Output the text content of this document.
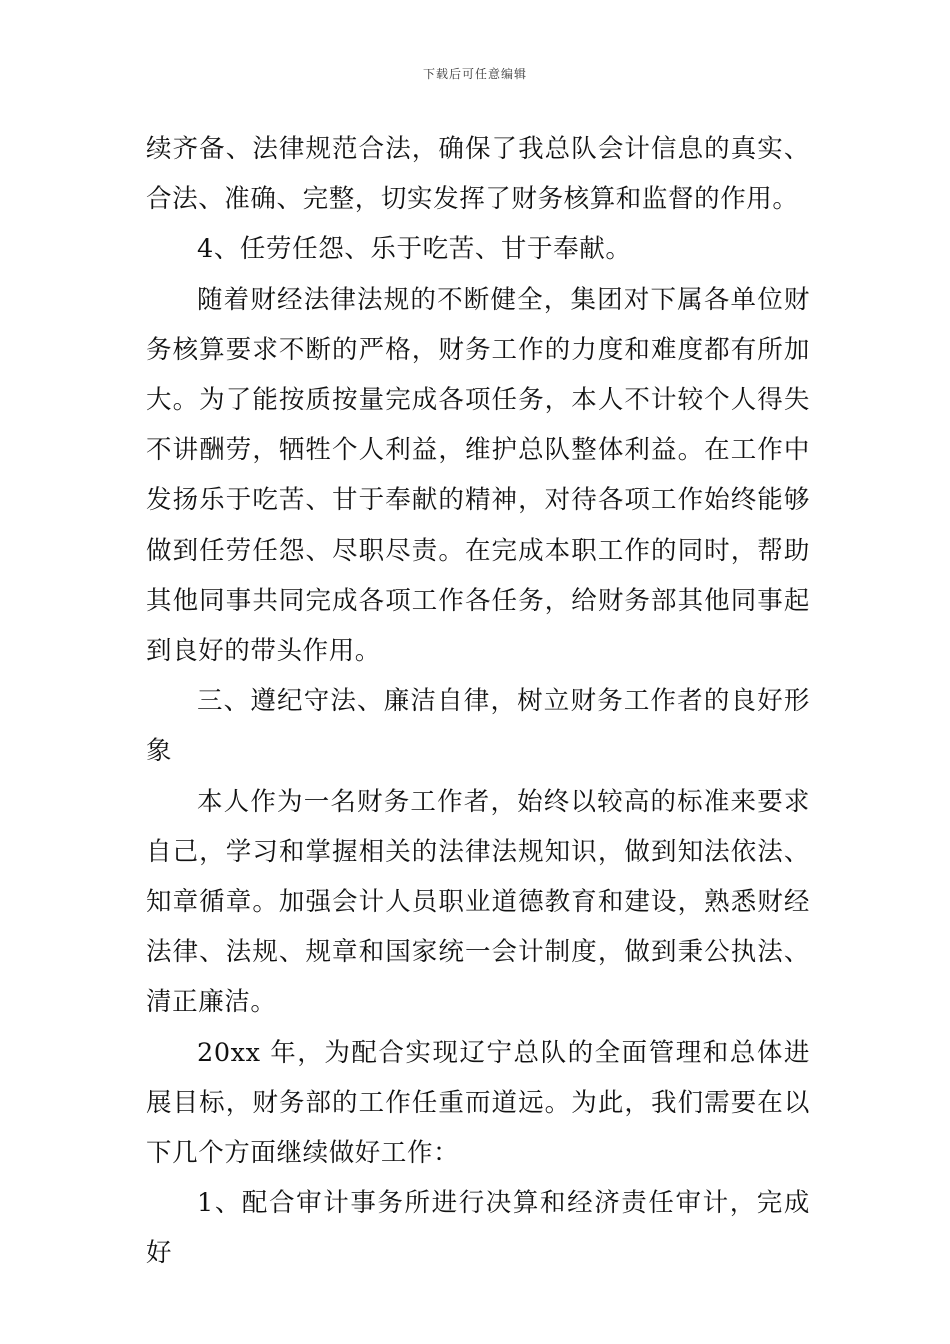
下载后可任意编辑

续齐备、法律规范合法，确保了我总队会计信息的真实、合法、准确、完整，切实发挥了财务核算和监督的作用。

4、任劳任怨、乐于吃苦、甘于奉献。

随着财经法律法规的不断健全，集团对下属各单位财务核算要求不断的严格，财务工作的力度和难度都有所加大。为了能按质按量完成各项任务，本人不计较个人得失不讲酬劳，牺牲个人利益，维护总队整体利益。在工作中发扬乐于吃苦、甘于奉献的精神，对待各项工作始终能够做到任劳任怨、尽职尽责。在完成本职工作的同时，帮助其他同事共同完成各项工作各任务，给财务部其他同事起到良好的带头作用。

三、遵纪守法、廉洁自律，树立财务工作者的良好形象

本人作为一名财务工作者，始终以较高的标准来要求自己，学习和掌握相关的法律法规知识，做到知法依法、知章循章。加强会计人员职业道德教育和建设，熟悉财经法律、法规、规章和国家统一会计制度，做到秉公执法、清正廉洁。

20xx 年，为配合实现辽宁总队的全面管理和总体进展目标，财务部的工作任重而道远。为此，我们需要在以下几个方面继续做好工作：

1、配合审计事务所进行决算和经济责任审计，完成好
